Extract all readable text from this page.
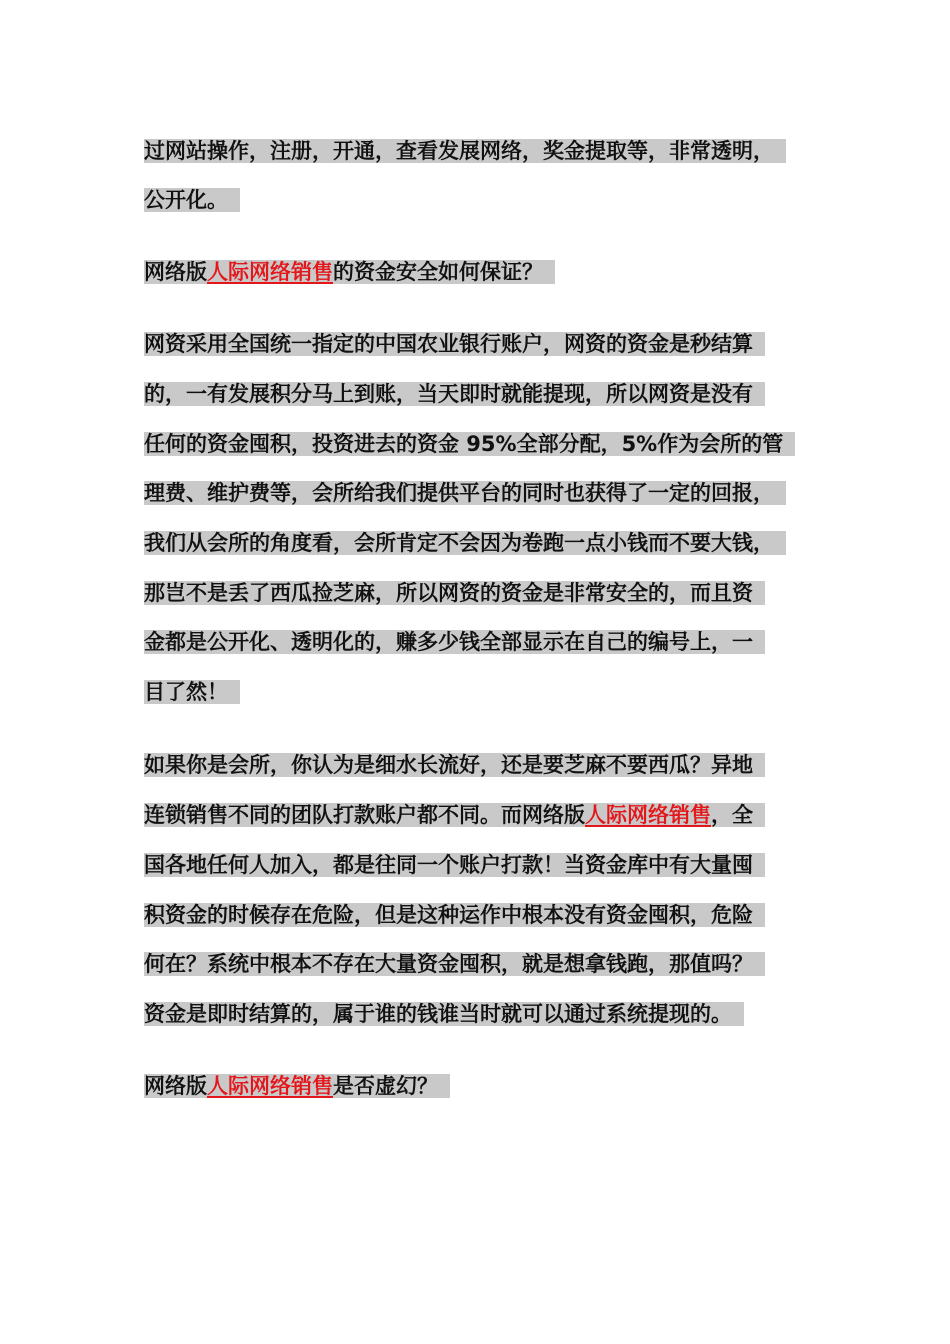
过网站操作，注册，开通，查看发展网络，奖金提取等，非常透明，
公开化。
网络版人际网络销售的资金安全如何保证？
网资采用全国统一指定的中国农业银行账户，网资的资金是秒结算
的，一有发展积分马上到账，当天即时就能提现，所以网资是没有
任何的资金囤积，投资进去的资金 95%全部分配，5%作为会所的管
理费、维护费等，会所给我们提供平台的同时也获得了一定的回报，
我们从会所的角度看，会所肯定不会因为卷跑一点小钱而不要大钱，
那岂不是丢了西瓜捡芝麻，所以网资的资金是非常安全的，而且资
金都是公开化、透明化的，赚多少钱全部显示在自己的编号上，一
目了然！
如果你是会所，你认为是细水长流好，还是要芝麻不要西瓜？异地
连锁销售不同的团队打款账户都不同。而网络版人际网络销售，全
国各地任何人加入，都是往同一个账户打款！当资金库中有大量囤
积资金的时候存在危险，但是这种运作中根本没有资金囤积，危险
何在？系统中根本不存在大量资金囤积，就是想拿钱跑，那值吗？
资金是即时结算的，属于谁的钱谁当时就可以通过系统提现的。
网络版人际网络销售是否虚幻？
